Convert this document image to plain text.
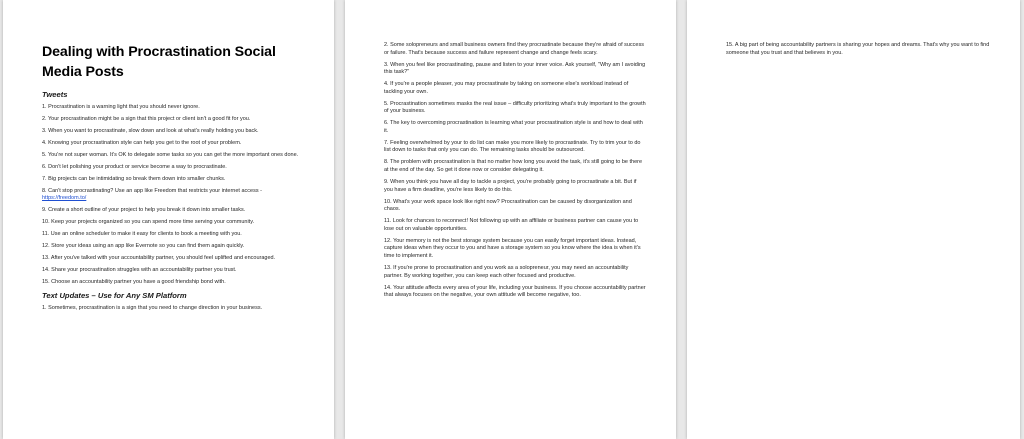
Dealing with Procrastination Social Media Posts
Tweets

1. Procrastination is a warning light that you should never ignore.

2. Your procrastination might be a sign that this project or client isn't a good fit for you.

3. When you want to procrastinate, slow down and look at what's really holding you back.

4. Knowing your procrastination style can help you get to the root of your problem.

5. You're not super woman. It's OK to delegate some tasks so you can get the more important ones done.

6. Don't let polishing your product or service become a way to procrastinate.

7. Big projects can be intimidating so break them down into smaller chunks.

8. Can't stop procrastinating? Use an app like Freedom that restricts your internet access - https://freedom.to/

9. Create a short outline of your project to help you break it down into smaller tasks.

10. Keep your projects organized so you can spend more time serving your community.

11. Use an online scheduler to make it easy for clients to book a meeting with you.

12. Store your ideas using an app like Evernote so you can find them again quickly.

13. After you've talked with your accountability partner, you should feel uplifted and encouraged.

14. Share your procrastination struggles with an accountability partner you trust.

15. Choose an accountability partner you have a good friendship bond with.

Text Updates – Use for Any SM Platform

1. Sometimes, procrastination is a sign that you need to change direction in your business.

2. Some solopreneurs and small business owners find they procrastinate because they're afraid of success or failure. That's because success and failure represent change and change feels scary.

3. When you feel like procrastinating, pause and listen to your inner voice. Ask yourself, "Why am I avoiding this task?"

4. If you're a people pleaser, you may procrastinate by taking on someone else's workload instead of tackling your own.

5. Procrastination sometimes masks the real issue – difficulty prioritizing what's truly important to the growth of your business.

6. The key to overcoming procrastination is learning what your procrastination style is and how to deal with it.

7. Feeling overwhelmed by your to do list can make you more likely to procrastinate. Try to trim your to do list down to tasks that only you can do. The remaining tasks should be outsourced.

8. The problem with procrastination is that no matter how long you avoid the task, it's still going to be there at the end of the day. So get it done now or consider delegating it.

9. When you think you have all day to tackle a project, you're probably going to procrastinate a bit. But if you have a firm deadline, you're less likely to do this.

10. What's your work space look like right now? Procrastination can be caused by disorganization and chaos.

11. Look for chances to reconnect! Not following up with an affiliate or business partner can cause you to lose out on valuable opportunities.

12. Your memory is not the best storage system because you can easily forget important ideas. Instead, capture ideas when they occur to you and have a storage system so you know where the idea is when it's time to implement it.

13. If you're prone to procrastination and you work as a solopreneur, you may need an accountability partner. By working together, you can keep each other focused and productive.

14. Your attitude affects every area of your life, including your business. If you choose accountability partner that always focuses on the negative, your own attitude will become negative, too.

15. A big part of being accountability partners is sharing your hopes and dreams. That's why you want to find someone that you trust and that believes in you.
